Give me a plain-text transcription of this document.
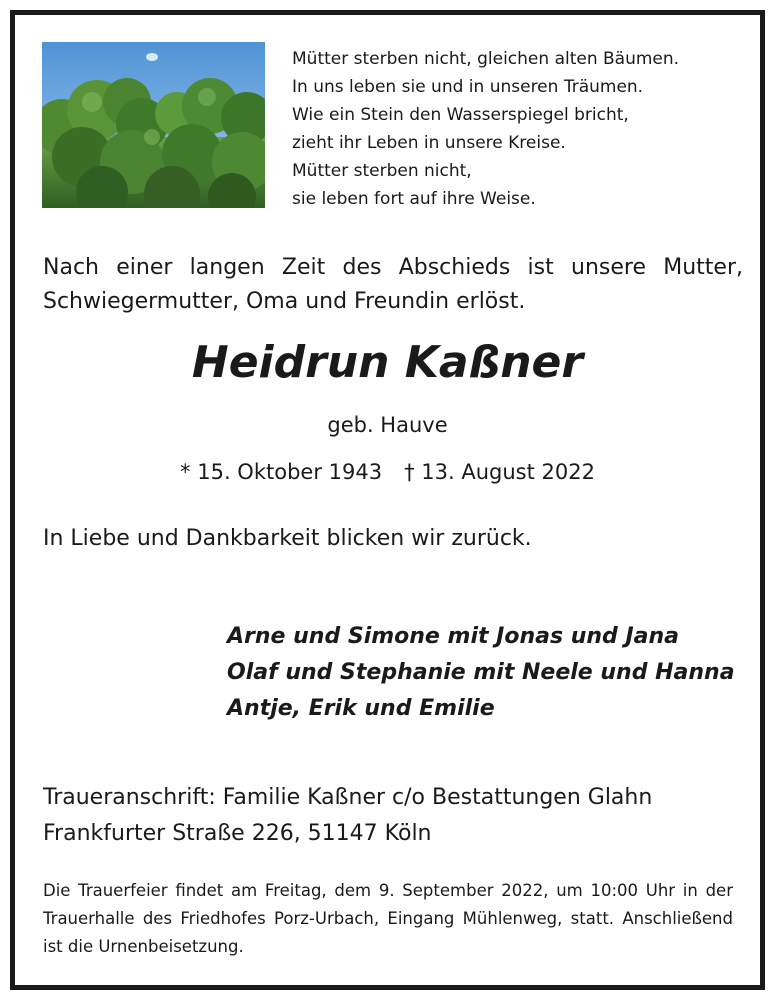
Mütter sterben nicht, gleichen alten Bäumen.
In uns leben sie und in unseren Träumen.
Wie ein Stein den Wasserspiegel bricht,
zieht ihr Leben in unsere Kreise.
Mütter sterben nicht,
sie leben fort auf ihre Weise.
Nach einer langen Zeit des Abschieds ist unsere Mutter, Schwiegermutter, Oma und Freundin erlöst.
Heidrun Kaßner
geb. Hauve
* 15. Oktober 1943 † 13. August 2022
In Liebe und Dankbarkeit blicken wir zurück.
Arne und Simone mit Jonas und Jana
Olaf und Stephanie mit Neele und Hanna
Antje, Erik und Emilie
Traueranschrift: Familie Kaßner c/o Bestattungen Glahn
Frankfurter Straße 226, 51147 Köln
Die Trauerfeier findet am Freitag, dem 9. September 2022, um 10:00 Uhr in der Trauerhalle des Friedhofes Porz-Urbach, Eingang Mühlenweg, statt. Anschließend ist die Urnenbeisetzung.
